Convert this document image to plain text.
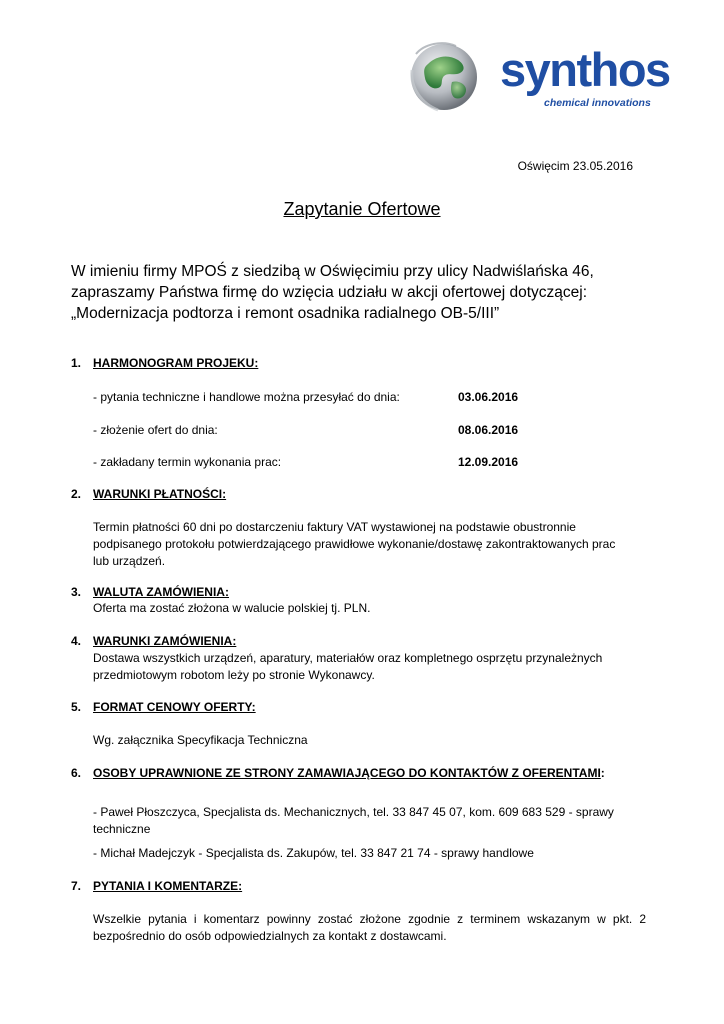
synthos
chemical innovations
Oświęcim 23.05.2016
Zapytanie Ofertowe
W imieniu firmy MPOŚ z siedzibą w Oświęcimiu przy ulicy Nadwiślańska 46,
zapraszamy Państwa firmę do wzięcia udziału w akcji ofertowej dotyczącej:
„Modernizacja podtorza i remont osadnika radialnego OB-5/III”
1. HARMONOGRAM PROJEKU:
- pytania techniczne i handlowe można przesyłać do dnia:	03.06.2016
- złożenie ofert do dnia:	08.06.2016
- zakładany termin wykonania prac:	12.09.2016
2. WARUNKI PŁATNOŚCI:
Termin płatności 60 dni po dostarczeniu faktury VAT wystawionej na podstawie obustronnie
podpisanego protokołu potwierdzającego prawidłowe wykonanie/dostawę zakontraktowanych prac
lub urządzeń.
3. WALUTA ZAMÓWIENIA:
Oferta ma zostać złożona w walucie polskiej tj. PLN.
4. WARUNKI ZAMÓWIENIA:
Dostawa wszystkich urządzeń, aparatury, materiałów oraz kompletnego osprzętu przynależnych
przedmiotowym robotom leży po stronie Wykonawcy.
5. FORMAT CENOWY OFERTY:
Wg. załącznika Specyfikacja Techniczna
6. OSOBY UPRAWNIONE ZE STRONY ZAMAWIAJĄCEGO DO KONTAKTÓW Z OFERENTAMI:
- Paweł Płoszczyca, Specjalista ds. Mechanicznych, tel. 33 847 45 07, kom. 609 683 529 - sprawy
techniczne
- Michał Madejczyk - Specjalista ds. Zakupów, tel. 33 847 21 74 - sprawy handlowe
7. PYTANIA I KOMENTARZE:
Wszelkie pytania i komentarz powinny zostać złożone zgodnie z terminem wskazanym w pkt. 2
bezpośrednio do osób odpowiedzialnych za kontakt z dostawcami.
